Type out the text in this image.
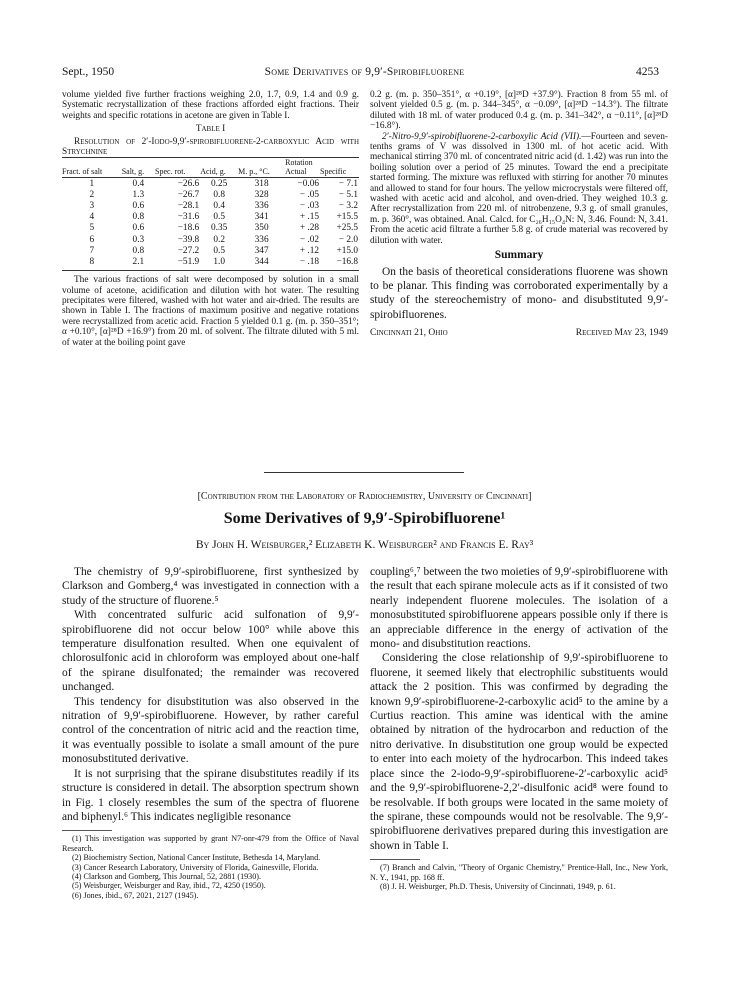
Sept., 1950	Some Derivatives of 9,9′-Spirobifluorene	4253

volume yielded five further fractions weighing 2.0, 1.7, 0.9, 1.4 and 0.9 g. Systematic recrystallization of these fractions afforded eight fractions. Their weights and specific rotations in acetone are given in Table I.

Table I

Resolution of 2′-Iodo-9,9′-spirobifluorene-2-carboxylic Acid with Strychnine

Fract. of salt	Salt, g.	Spec. rot.	Acid, g.	M. p., °C.	Rotation	
					Actual	Specific

1	0.4	−26.6	0.25	318	−0.06	− 7.1
2	1.3	−26.7	0.8	328	− .05	− 5.1
3	0.6	−28.1	0.4	336	− .03	− 3.2
4	0.8	−31.6	0.5	341	+ .15	+15.5
5	0.6	−18.6	0.35	350	+ .28	+25.5
6	0.3	−39.8	0.2	336	− .02	− 2.0
7	0.8	−27.2	0.5	347	+ .12	+15.0
8	2.1	−51.9	1.0	344	− .18	−16.8

The various fractions of salt were decomposed by solution in a small volume of acetone, acidification and dilution with hot water. The resulting precipitates were filtered, washed with hot water and air-dried. The results are shown in Table I. The fractions of maximum positive and negative rotations were recrystallized from acetic acid. Fraction 5 yielded 0.1 g. (m. p. 350–351°; α +0.10°, [α]²⁸D +16.9°) from 20 ml. of solvent. The filtrate diluted with 5 ml. of water at the boiling point gave

0.2 g. (m. p. 350–351°, α +0.19°, [α]²⁸D +37.9°). Fraction 8 from 55 ml. of solvent yielded 0.5 g. (m. p. 344–345°, α −0.09°, [α]²⁸D −14.3°). The filtrate diluted with 18 ml. of water produced 0.4 g. (m. p. 341–342°, α −0.11°, [α]²⁸D −16.8°).

2′-Nitro-9,9′-spirobifluorene-2-carboxylic Acid (VII).—Fourteen and seven-tenths grams of V was dissolved in 1300 ml. of hot acetic acid. With mechanical stirring 370 ml. of concentrated nitric acid (d. 1.42) was run into the boiling solution over a period of 25 minutes. Toward the end a precipitate started forming. The mixture was refluxed with stirring for another 70 minutes and allowed to stand for four hours. The yellow microcrystals were filtered off, washed with acetic acid and alcohol, and oven-dried. They weighed 10.3 g. After recrystallization from 220 ml. of nitrobenzene, 9.3 g. of small granules, m. p. 360°, was obtained. Anal. Calcd. for C₂₆H₁₅O₄N: N, 3.46. Found: N, 3.41. From the acetic acid filtrate a further 5.8 g. of crude material was recovered by dilution with water.

Summary

On the basis of theoretical considerations fluorene was shown to be planar. This finding was corroborated experimentally by a study of the stereochemistry of mono- and disubstituted 9,9′-spirobifluorenes.

Cincinnati 21, Ohio	Received May 23, 1949
[Contribution from the Laboratory of Radiochemistry, University of Cincinnati]
Some Derivatives of 9,9′-Spirobifluorene¹
By John H. Weisburger,² Elizabeth K. Weisburger² and Francis E. Ray³

The chemistry of 9,9′-spirobifluorene, first synthesized by Clarkson and Gomberg,⁴ was investigated in connection with a study of the structure of fluorene.⁵

With concentrated sulfuric acid sulfonation of 9,9′-spirobifluorene did not occur below 100° while above this temperature disulfonation resulted. When one equivalent of chlorosulfonic acid in chloroform was employed about one-half of the spirane disulfonated; the remainder was recovered unchanged.

This tendency for disubstitution was also observed in the nitration of 9,9′-spirobifluorene. However, by rather careful control of the concentration of nitric acid and the reaction time, it was eventually possible to isolate a small amount of the pure monosubstituted derivative.

It is not surprising that the spirane disubstitutes readily if its structure is considered in detail. The absorption spectrum shown in Fig. 1 closely resembles the sum of the spectra of fluorene and biphenyl.⁶ This indicates negligible resonance

(1) This investigation was supported by grant N7-onr-479 from the Office of Naval Research.

(2) Biochemistry Section, National Cancer Institute, Bethesda 14, Maryland.

(3) Cancer Research Laboratory, University of Florida, Gainesville, Florida.

(4) Clarkson and Gomberg, This Journal, 52, 2881 (1930).

(5) Weisburger, Weisburger and Ray, ibid., 72, 4250 (1950).

(6) Jones, ibid., 67, 2021, 2127 (1945).

coupling⁶,⁷ between the two moieties of 9,9′-spirobifluorene with the result that each spirane molecule acts as if it consisted of two nearly independent fluorene molecules. The isolation of a monosubstituted spirobifluorene appears possible only if there is an appreciable difference in the energy of activation of the mono- and disubstitution reactions.

Considering the close relationship of 9,9′-spirobifluorene to fluorene, it seemed likely that electrophilic substituents would attack the 2 position. This was confirmed by degrading the known 9,9′-spirobifluorene-2-carboxylic acid⁵ to the amine by a Curtius reaction. This amine was identical with the amine obtained by nitration of the hydrocarbon and reduction of the nitro derivative. In disubstitution one group would be expected to enter into each moiety of the hydrocarbon. This indeed takes place since the 2-iodo-9,9′-spirobifluorene-2′-carboxylic acid⁵ and the 9,9′-spirobifluorene-2,2′-disulfonic acid⁸ were found to be resolvable. If both groups were located in the same moiety of the spirane, these compounds would not be resolvable. The 9,9′-spirobifluorene derivatives prepared during this investigation are shown in Table I.

(7) Branch and Calvin, "Theory of Organic Chemistry," Prentice-Hall, Inc., New York, N. Y., 1941, pp. 168 ff.

(8) J. H. Weisburger, Ph.D. Thesis, University of Cincinnati, 1949, p. 61.
